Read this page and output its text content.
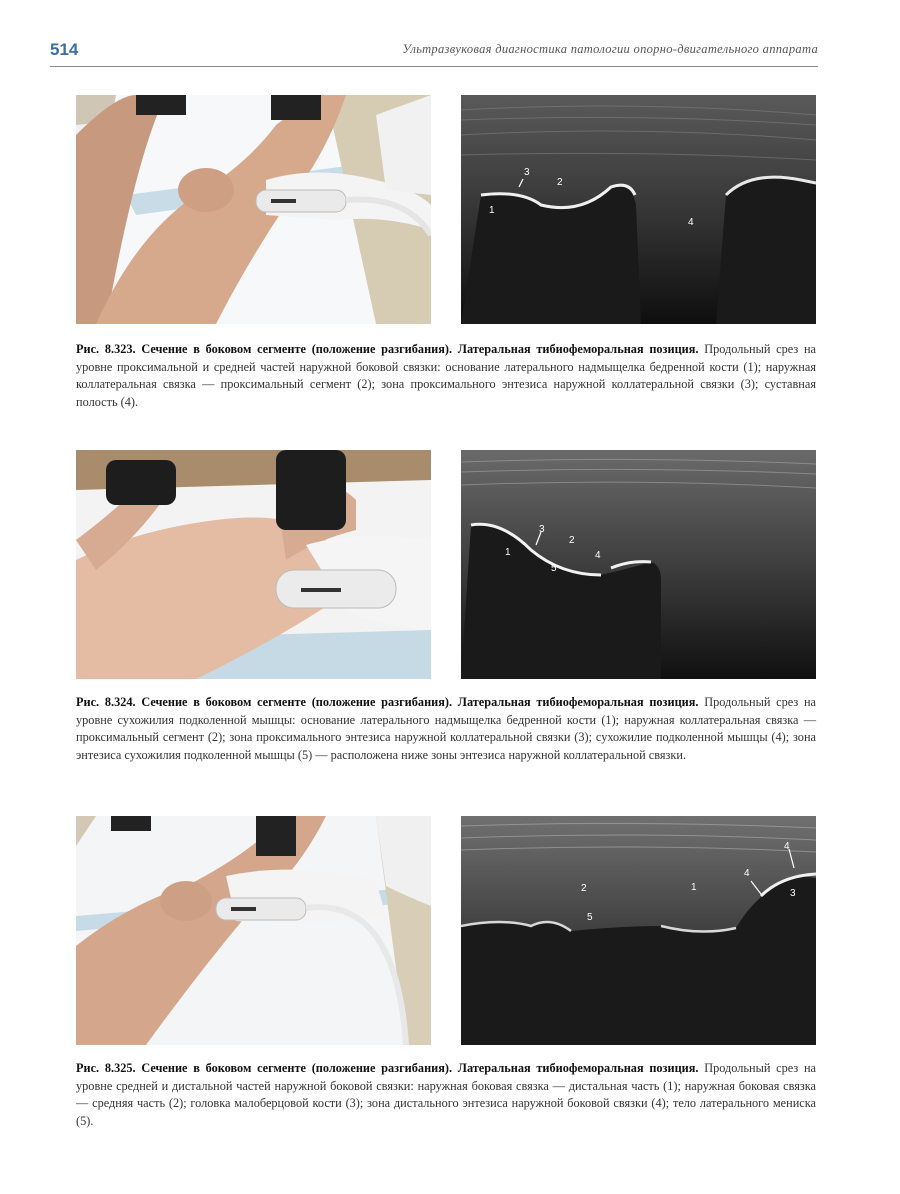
514	Ультразвуковая диагностика патологии опорно-двигательного аппарата
1
2
3
4
Рис. 8.323. Сечение в боковом сегменте (положение разгибания). Латеральная тибиофеморальная позиция. Продольный срез на уровне проксимальной и средней частей наружной боковой связки: основание латерального надмыщелка бедренной кости (1); наружная коллатеральная связка — проксимальный сегмент (2); зона проксимального энтезиса наружной коллатеральной связки (3); суставная полость (4).
1
2
3
4
5
Рис. 8.324. Сечение в боковом сегменте (положение разгибания). Латеральная тибиофеморальная позиция. Продольный срез на уровне сухожилия подколенной мышцы: основание латерального надмыщелка бедренной кости (1); наружная коллатеральная связка — проксимальный сегмент (2); зона проксимального энтезиса наружной коллатеральной связки (3); сухожилие подколенной мышцы (4); зона энтезиса сухожилия подколенной мышцы (5) — расположена ниже зоны энтезиса наружной коллатеральной связки.
1
2	3
4
4
5
Рис. 8.325. Сечение в боковом сегменте (положение разгибания). Латеральная тибиофеморальная позиция. Продольный срез на уровне средней и дистальной частей наружной боковой связки: наружная боковая связка — дистальная часть (1); наружная боковая связка — средняя часть (2); головка малоберцовой кости (3); зона дистального энтезиса наружной боковой связки (4); тело латерального мениска (5).
